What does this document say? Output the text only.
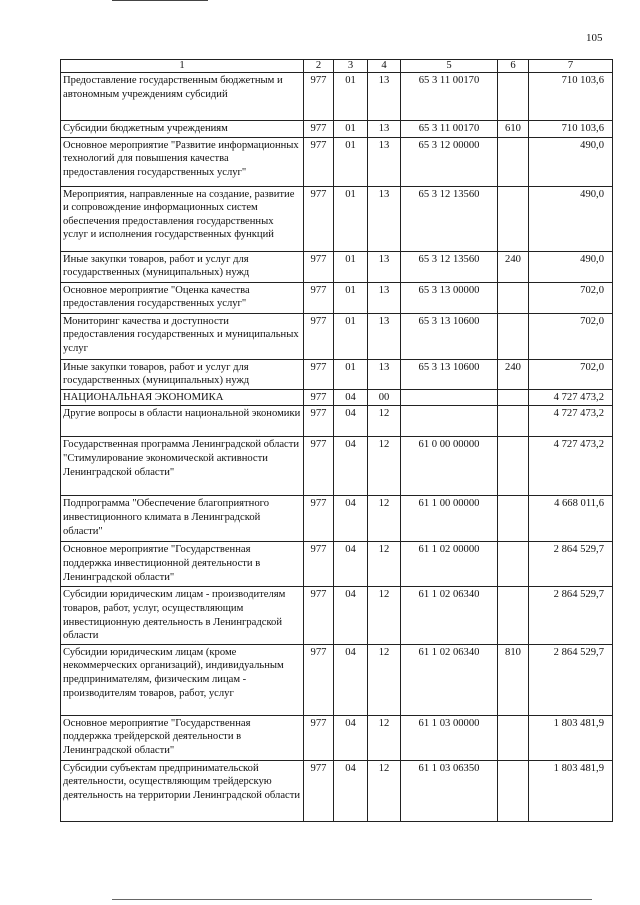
105
1	2	3	4	5	6	7
Предоставление государственным бюджетным и автономным учреждениям субсидий	977	01	13	65 3 11 00170		710 103,6
Субсидии бюджетным учреждениям	977	01	13	65 3 11 00170	610	710 103,6
Основное мероприятие "Развитие информационных технологий для повышения качества предоставления государственных услуг"	977	01	13	65 3 12 00000		490,0
Мероприятия, направленные на создание, развитие и сопровождение информационных систем обеспечения предоставления государственных услуг и исполнения государственных функций	977	01	13	65 3 12 13560		490,0
Иные закупки товаров, работ и услуг для государственных (муниципальных) нужд	977	01	13	65 3 12 13560	240	490,0
Основное мероприятие "Оценка качества предоставления государственных услуг"	977	01	13	65 3 13 00000		702,0
Мониторинг качества и доступности предоставления государственных и муниципальных услуг	977	01	13	65 3 13 10600		702,0
Иные закупки товаров, работ и услуг для государственных (муниципальных) нужд	977	01	13	65 3 13 10600	240	702,0
НАЦИОНАЛЬНАЯ ЭКОНОМИКА	977	04	00			4 727 473,2
Другие вопросы в области национальной экономики	977	04	12			4 727 473,2
Государственная программа Ленинградской области "Стимулирование экономической активности Ленинградской области"	977	04	12	61 0 00 00000		4 727 473,2
Подпрограмма "Обеспечение благоприятного инвестиционного климата в Ленинградской области"	977	04	12	61 1 00 00000		4 668 011,6
Основное мероприятие "Государственная поддержка инвестиционной деятельности в Ленинградской области"	977	04	12	61 1 02 00000		2 864 529,7
Субсидии юридическим лицам - производителям товаров, работ, услуг, осуществляющим инвестиционную деятельность в Ленинградской области	977	04	12	61 1 02 06340		2 864 529,7
Субсидии юридическим лицам (кроме некоммерческих организаций), индивидуальным предпринимателям, физическим лицам - производителям товаров, работ, услуг	977	04	12	61 1 02 06340	810	2 864 529,7
Основное мероприятие "Государственная поддержка трейдерской деятельности в Ленинградской области"	977	04	12	61 1 03 00000		1 803 481,9
Субсидии субъектам предпринимательской деятельности, осуществляющим трейдерскую деятельность на территории Ленинградской области	977	04	12	61 1 03 06350		1 803 481,9
